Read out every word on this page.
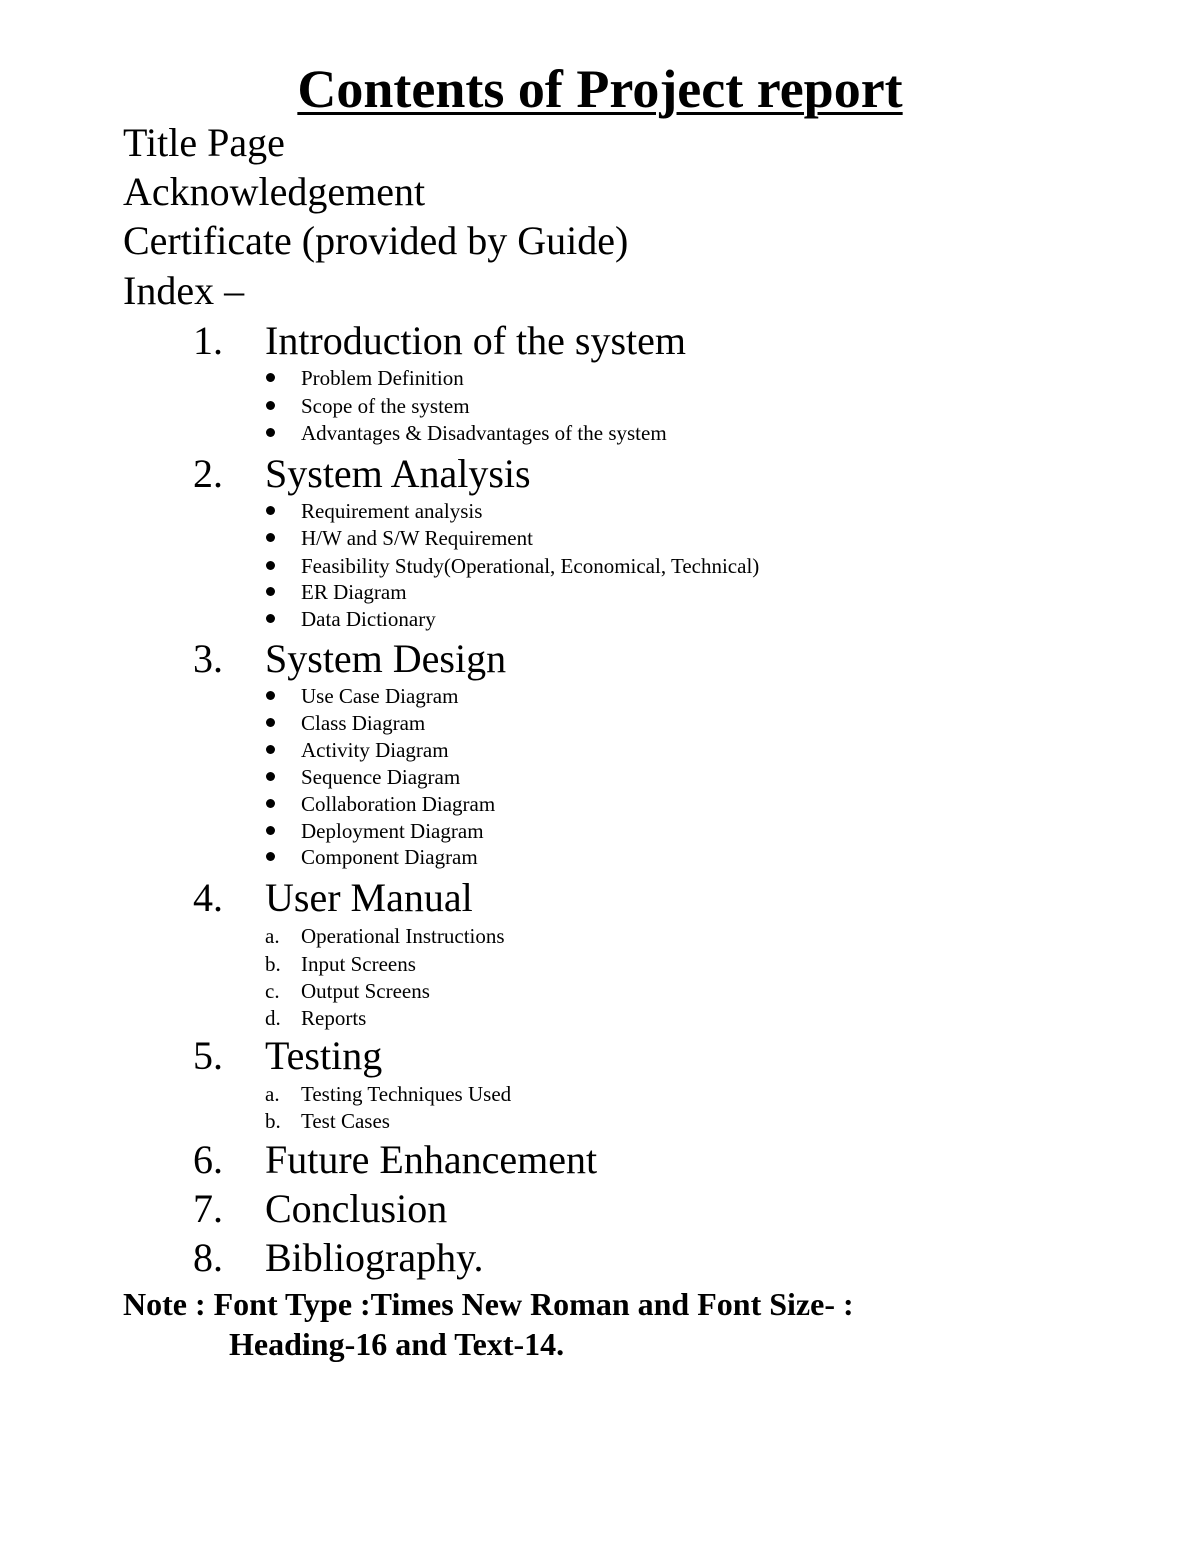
Contents of Project report
Title Page
Acknowledgement
Certificate (provided by Guide)
Index –
1. Introduction of the system
Problem Definition
Scope of the system
Advantages & Disadvantages of the system
2. System Analysis
Requirement analysis
H/W and S/W Requirement
Feasibility Study(Operational, Economical, Technical)
ER Diagram
Data Dictionary
3. System Design
Use Case Diagram
Class Diagram
Activity Diagram
Sequence Diagram
Collaboration Diagram
Deployment Diagram
Component Diagram
4. User Manual
a. Operational Instructions
b. Input Screens
c. Output Screens
d. Reports
5. Testing
a. Testing Techniques Used
b. Test Cases
6. Future Enhancement
7. Conclusion
8. Bibliography.
Note : Font Type :Times New Roman and Font Size- :
Heading-16 and Text-14.
